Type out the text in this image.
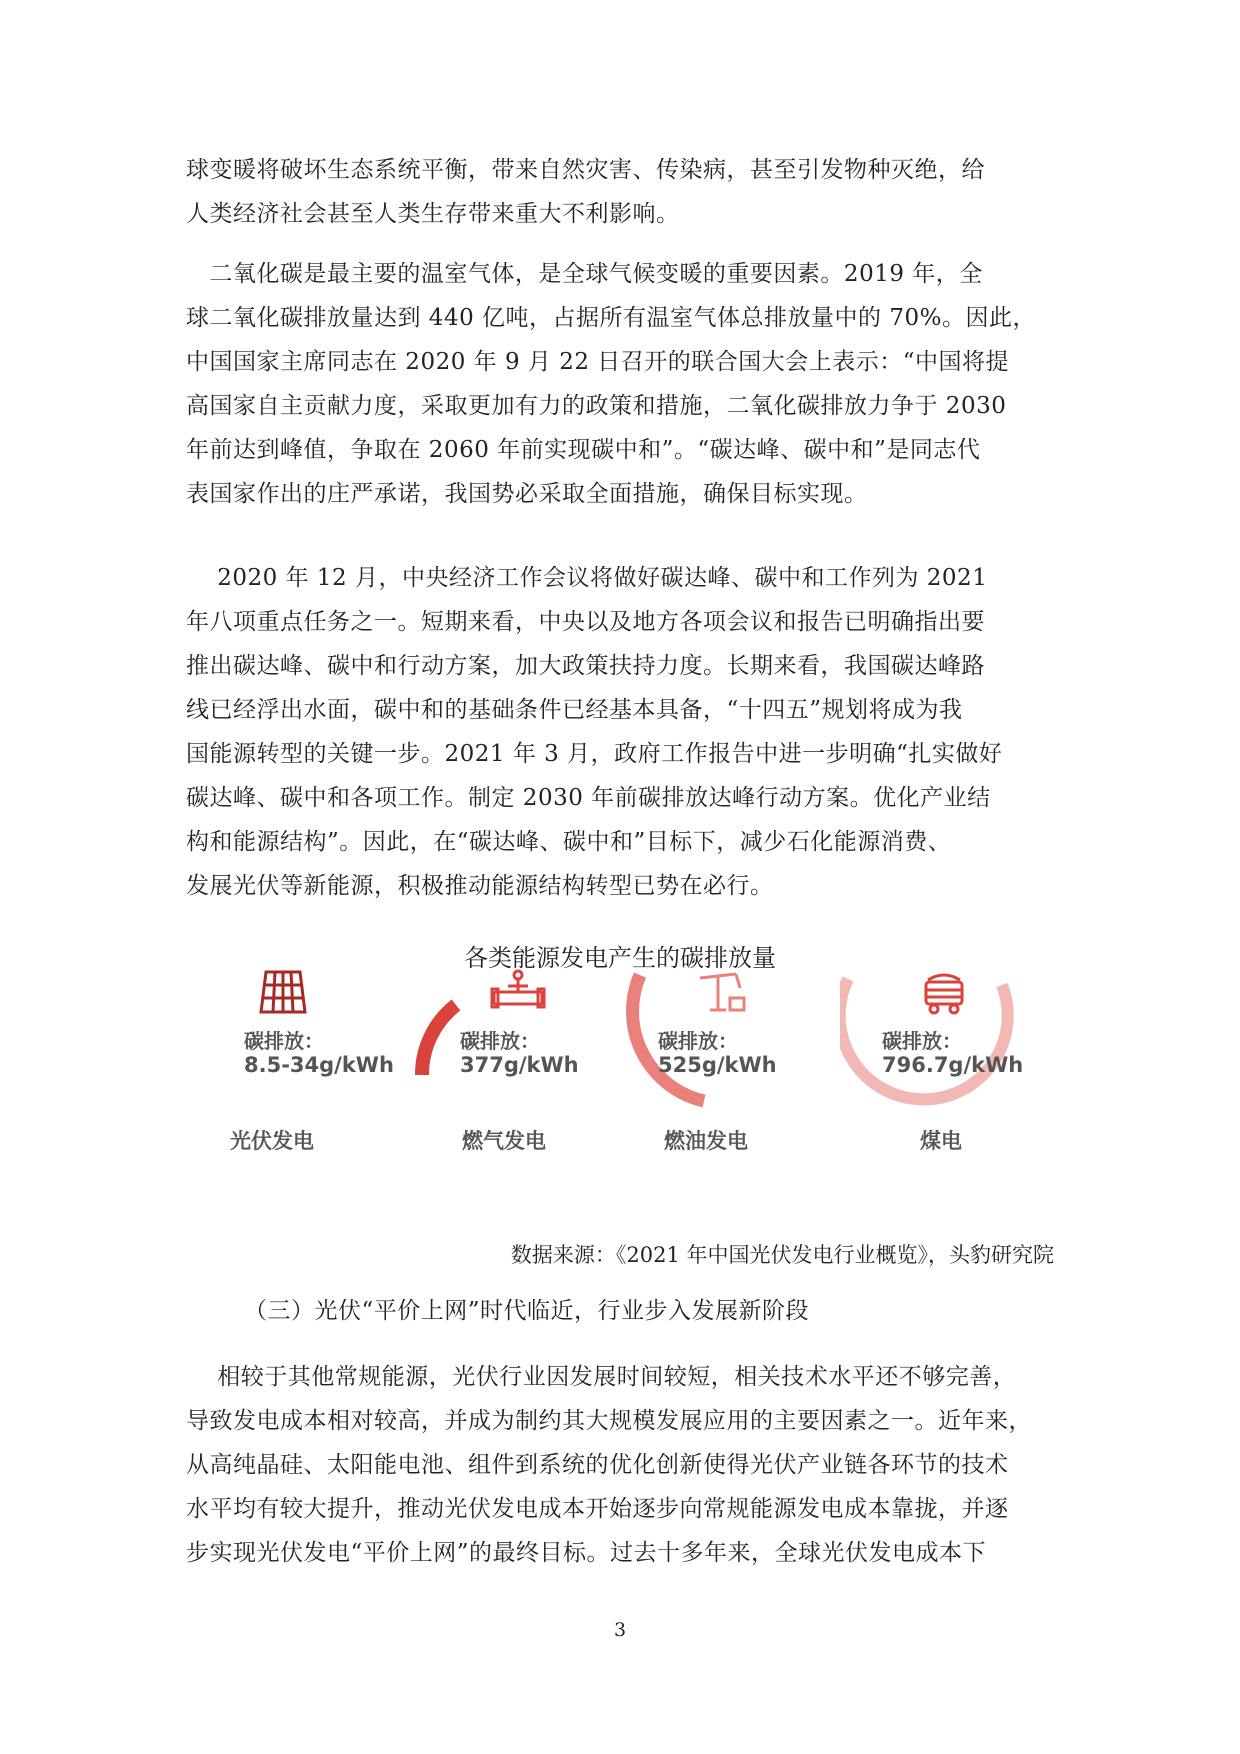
球变暖将破坏生态系统平衡，带来自然灾害、传染病，甚至引发物种灭绝，给
人类经济社会甚至人类生存带来重大不利影响。
二氧化碳是最主要的温室气体，是全球气候变暖的重要因素。2019 年，全
球二氧化碳排放量达到 440 亿吨，占据所有温室气体总排放量中的 70%。因此，
中国国家主席同志在 2020 年 9 月 22 日召开的联合国大会上表示：“中国将提
高国家自主贡献力度，采取更加有力的政策和措施，二氧化碳排放力争于 2030
年前达到峰值，争取在 2060 年前实现碳中和”。“碳达峰、碳中和”是同志代
表国家作出的庄严承诺，我国势必采取全面措施，确保目标实现。
2020 年 12 月，中央经济工作会议将做好碳达峰、碳中和工作列为 2021
年八项重点任务之一。短期来看，中央以及地方各项会议和报告已明确指出要
推出碳达峰、碳中和行动方案，加大政策扶持力度。长期来看，我国碳达峰路
线已经浮出水面，碳中和的基础条件已经基本具备，“十四五”规划将成为我
国能源转型的关键一步。2021 年 3 月，政府工作报告中进一步明确“扎实做好
碳达峰、碳中和各项工作。制定 2030 年前碳排放达峰行动方案。优化产业结
构和能源结构”。因此，在“碳达峰、碳中和”目标下，减少石化能源消费、
发展光伏等新能源，积极推动能源结构转型已势在必行。
各类能源发电产生的碳排放量
碳排放：
8.5-34g/kWh
光伏发电
碳排放：
377g/kWh
燃气发电
碳排放：
525g/kWh
燃油发电
碳排放：
796.7g/kWh
煤电
数据来源：《2021 年中国光伏发电行业概览》，头豹研究院
（三）光伏“平价上网”时代临近，行业步入发展新阶段
相较于其他常规能源，光伏行业因发展时间较短，相关技术水平还不够完善，
导致发电成本相对较高，并成为制约其大规模发展应用的主要因素之一。近年来，
从高纯晶硅、太阳能电池、组件到系统的优化创新使得光伏产业链各环节的技术
水平均有较大提升，推动光伏发电成本开始逐步向常规能源发电成本靠拢，并逐
步实现光伏发电“平价上网”的最终目标。过去十多年来，全球光伏发电成本下
3
